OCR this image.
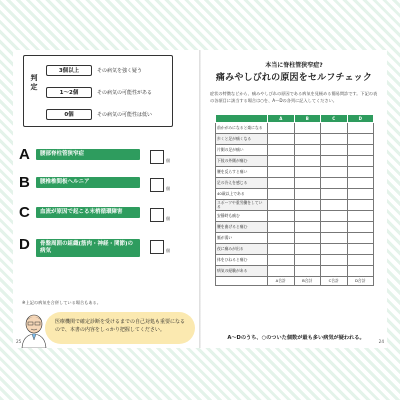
判定
3個以上	その病気を強く疑う
1〜2個	その病気の可能性がある
0個	その病気の可能性は低い
A	腰部脊柱管狭窄症
個
B	腰椎椎間板ヘルニア
個
C	血流が原因で起こる末梢循環障害
個
D	骨盤周囲の組織(筋肉・神経・関節)の病気	個
※上記の病気を合併している場合もある。
医療機関で確定診断を受けるまでの自己対処も重要になるので、本書の内容をしっかり把握してください。
25
本当に脊柱管狭窄症?
痛みやしびれの原因をセルフチェック
症状の特徴などから、痛みやしびれの原因である病気を見極める簡易問診です。下記の表の各項目に該当する場合は○を、A〜Dの各列に記入してください。
	A	B	C	D
前かがみになると楽になる				
歩くと足が痛くなる				
片側の足が痛い				
下肢の外側が痛む				
腰を反らすと痛い				
足の冷えを感じる				
40歳以上である				
スポーツや重労働をしている				
安静時も痛む				
腰を曲げると痛む				
脈が弱い				
夜に痛みが出る				
体をひねると痛む				
病気の経験がある				
	A合計	B合計	C合計	D合計
A〜Dのうち、○のついた個数が最も多い病気が疑われる。
24
